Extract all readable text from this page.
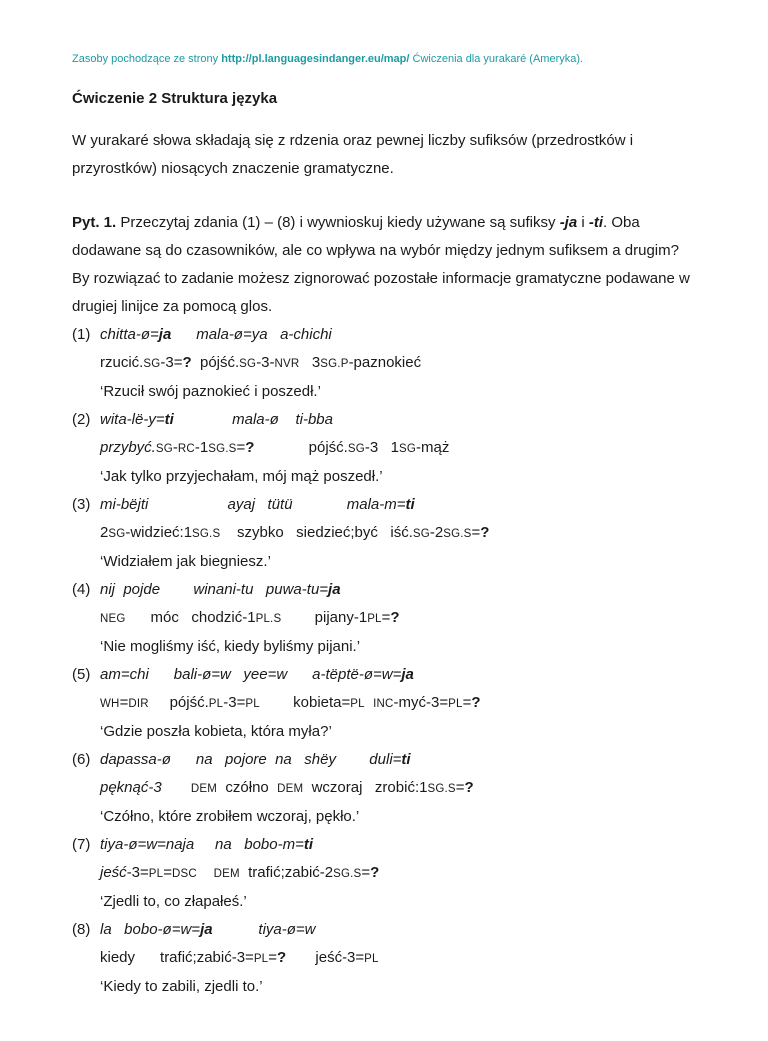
Zasoby pochodzące ze strony http://pl.languagesindanger.eu/map/ Ćwiczenia dla yurakaré (Ameryka).

Ćwiczenie 2 Struktura języka

W yurakaré słowa składają się z rdzenia oraz pewnej liczby sufiksów (przedrostków i przyrostków) niosących znaczenie gramatyczne.

Pyt. 1. Przeczytaj zdania (1) – (8) i wywnioskuj kiedy używane są sufiksy -ja i -ti. Oba dodawane są do czasowników, ale co wpływa na wybór między jednym sufiksem a drugim?

By rozwiązać to zadanie możesz zignorować pozostałe informacje gramatyczne podawane w drugiej linijce za pomocą glos.

(1) chitta-ø=ja      mala-ø=ya   a-chichi
rzucić.SG-3=?  pójść.SG-3-NVR   3SG.P-paznokieć
‘Rzucił swój paznokieć i poszedł.’
(2) wita-lë-y=ti              mala-ø    ti-bba
przybyć.SG-RC-1SG.S=?             pójść.SG-3   1SG-mąż
‘Jak tylko przyjechałam, mój mąż poszedł.’
(3) mi-bëjti                   ayaj   tütü             mala-m=ti
2SG-widzieć:1SG.S    szybko   siedzieć;być   iść.SG-2SG.S=?
‘Widziałem jak biegniesz.’
(4) nij  pojde        winani-tu   puwa-tu=ja
NEG      móc   chodzić-1PL.S        pijany-1PL=?
‘Nie mogliśmy iść, kiedy byliśmy pijani.’
(5) am=chi      bali-ø=w   yee=w      a-tëptë-ø=w=ja
WH=DIR     pójść.PL-3=PL        kobieta=PL INC-myć-3=PL=?
‘Gdzie poszła kobieta, która myła?’
(6) dapassa-ø      na   pojore  na   shëy        duli=ti
pęknąć-3	DEM  czółno  DEM  wczoraj   zrobić:1SG.S=?
‘Czółno, które zrobiłem wczoraj, pękło.’
(7) tiya-ø=w=naja     na   bobo-m=ti
jeść-3=PL=DSC DEM  trafić;zabić-2SG.S=?
‘Zjedli to, co złapałeś.’
(8) la   bobo-ø=w=ja           tiya-ø=w
kiedy      trafić;zabić-3=PL=?       jeść-3=PL
‘Kiedy to zabili, zjedli to.’
